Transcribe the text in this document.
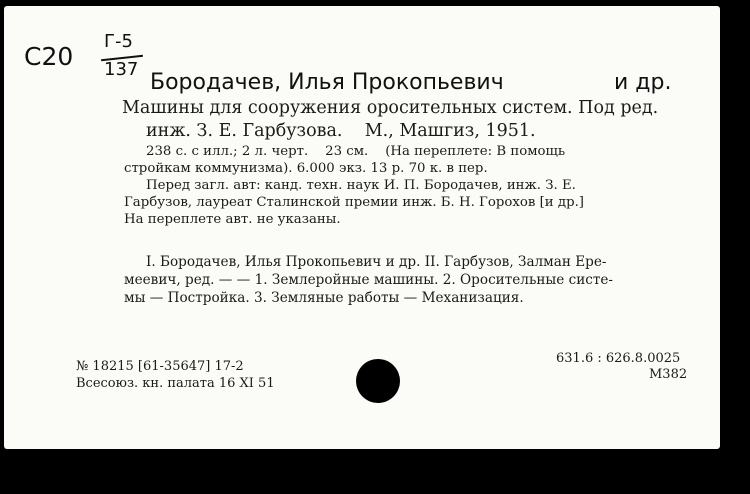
C20
Г-5
137
Бородачев, Илья Прокопьевич	и др.
Машины для сооружения оросительных систем. Под ред.
инж. З. Е. Гарбузова.    М., Машгиз, 1951.
238 с. с илл.; 2 л. черт.    23 см.    (На переплете: В помощь
стройкам коммунизма). 6.000 экз. 13 р. 70 к. в пер.
Перед загл. авт: канд. техн. наук И. П. Бородачев, инж. З. Е.
Гарбузов, лауреат Сталинской премии инж. Б. Н. Горохов [и др.]
На переплете авт. не указаны.
I. Бородачев, Илья Прокопьевич и др. II. Гарбузов, Залман Ере-
меевич, ред. — — 1. Землеройные машины. 2. Оросительные систе-
мы — Постройка. 3. Земляные работы — Механизация.
№ 18215 [61-35647] 17-2
Всесоюз. кн. палата 16 XI 51
631.6 : 626.8.0025
М382
